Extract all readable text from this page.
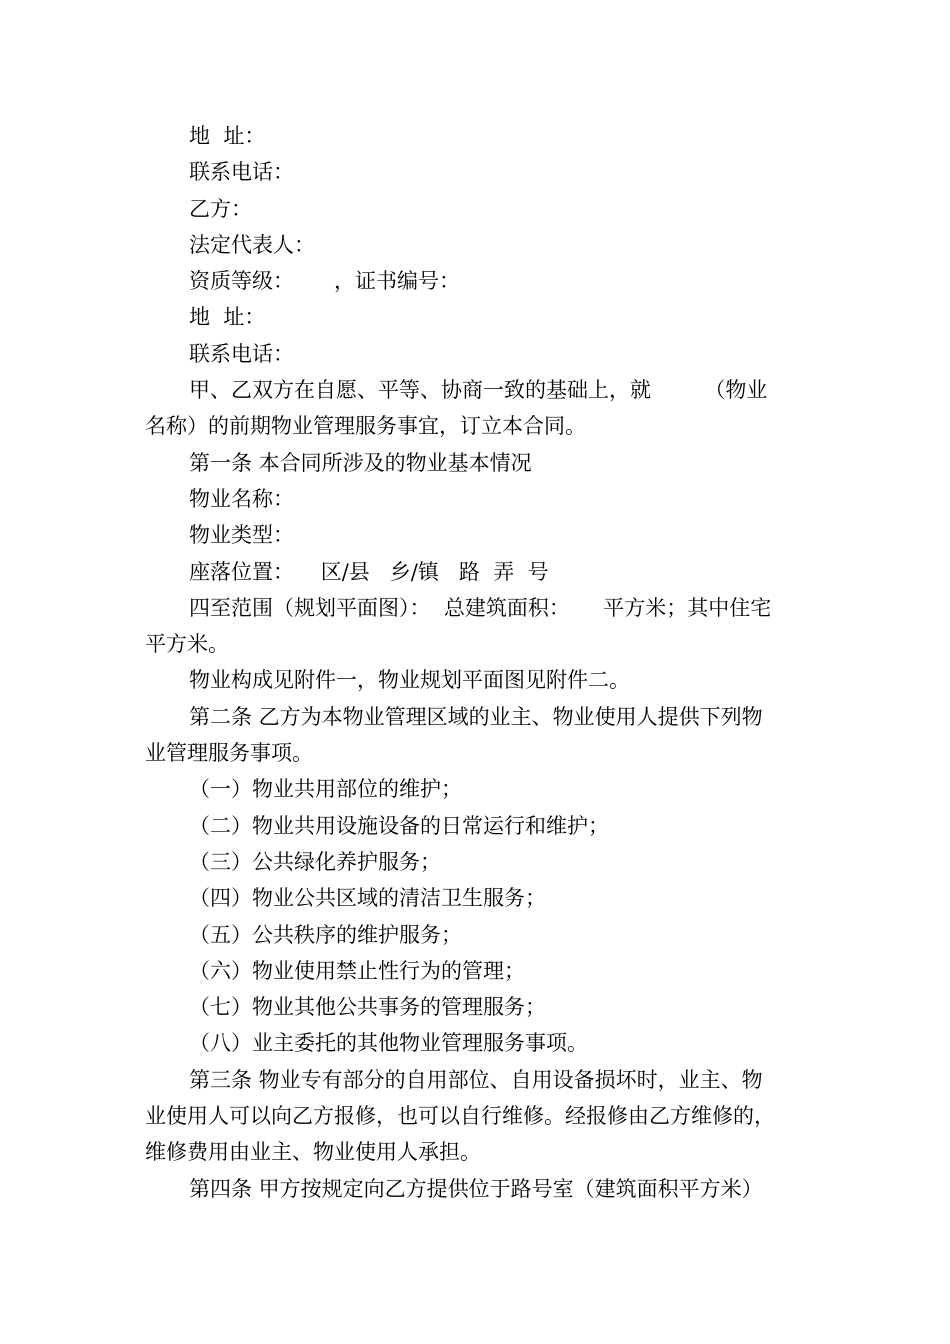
地  址：
联系电话：
乙方：
法定代表人：
资质等级：      ，证书编号：
地  址：
联系电话：
甲、乙双方在自愿、平等、协商一致的基础上，就        （物业
名称）的前期物业管理服务事宜，订立本合同。
第一条 本合同所涉及的物业基本情况
物业名称：
物业类型：
座落位置：    区/县   乡/镇   路  弄  号
四至范围（规划平面图）：  总建筑面积：     平方米；其中住宅
平方米。
物业构成见附件一，物业规划平面图见附件二。
第二条 乙方为本物业管理区域的业主、物业使用人提供下列物
业管理服务事项。
（一）物业共用部位的维护；
（二）物业共用设施设备的日常运行和维护；
（三）公共绿化养护服务；
（四）物业公共区域的清洁卫生服务；
（五）公共秩序的维护服务；
（六）物业使用禁止性行为的管理；
（七）物业其他公共事务的管理服务；
（八）业主委托的其他物业管理服务事项。
第三条 物业专有部分的自用部位、自用设备损坏时，业主、物
业使用人可以向乙方报修，也可以自行维修。经报修由乙方维修的，
维修费用由业主、物业使用人承担。
第四条 甲方按规定向乙方提供位于路号室（建筑面积平方米）
